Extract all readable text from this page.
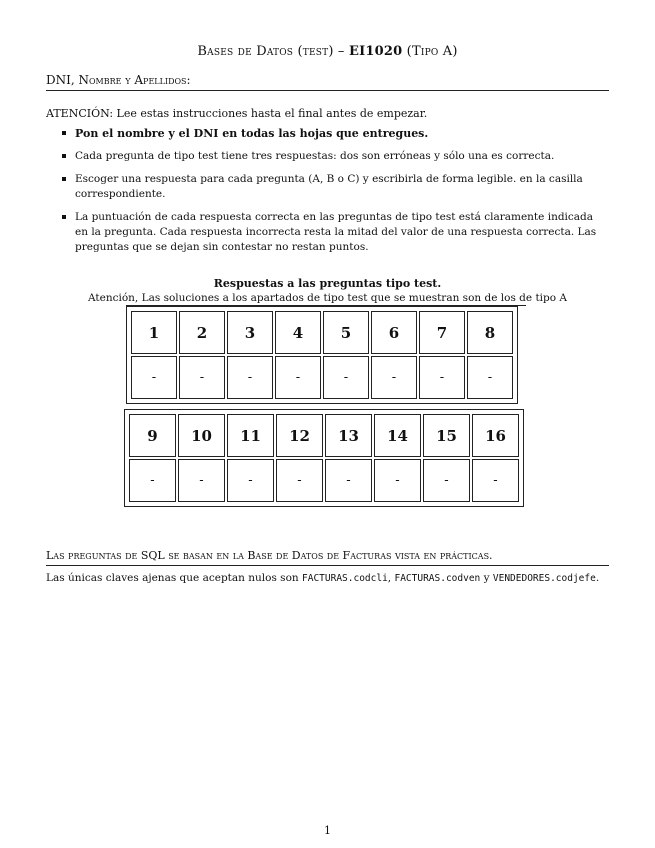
Bases de Datos (test) – EI1020 (Tipo A)
DNI, Nombre y Apellidos:
ATENCIÓN: Lee estas instrucciones hasta el final antes de empezar.
Pon el nombre y el DNI en todas las hojas que entregues.
Cada pregunta de tipo test tiene tres respuestas: dos son erróneas y sólo una es correcta.
Escoger una respuesta para cada pregunta (A, B o C) y escribirla de forma legible. en la casilla correspondiente.
La puntuación de cada respuesta correcta en las preguntas de tipo test está claramente indicada en la pregunta. Cada respuesta incorrecta resta la mitad del valor de una respuesta correcta. Las preguntas que se dejan sin contestar no restan puntos.
Respuestas a las preguntas tipo test.
Atención, Las soluciones a los apartados de tipo test que se muestran son de los de tipo A
1	2	3	4	5	6	7	8
-	-	-	-	-	-	-	-
9	10	11	12	13	14	15	16
-	-	-	-	-	-	-	-
Las preguntas de SQL se basan en la Base de Datos de Facturas vista en prácticas.
Las únicas claves ajenas que aceptan nulos son FACTURAS.codcli, FACTURAS.codven y VENDEDORES.codjefe.
1
